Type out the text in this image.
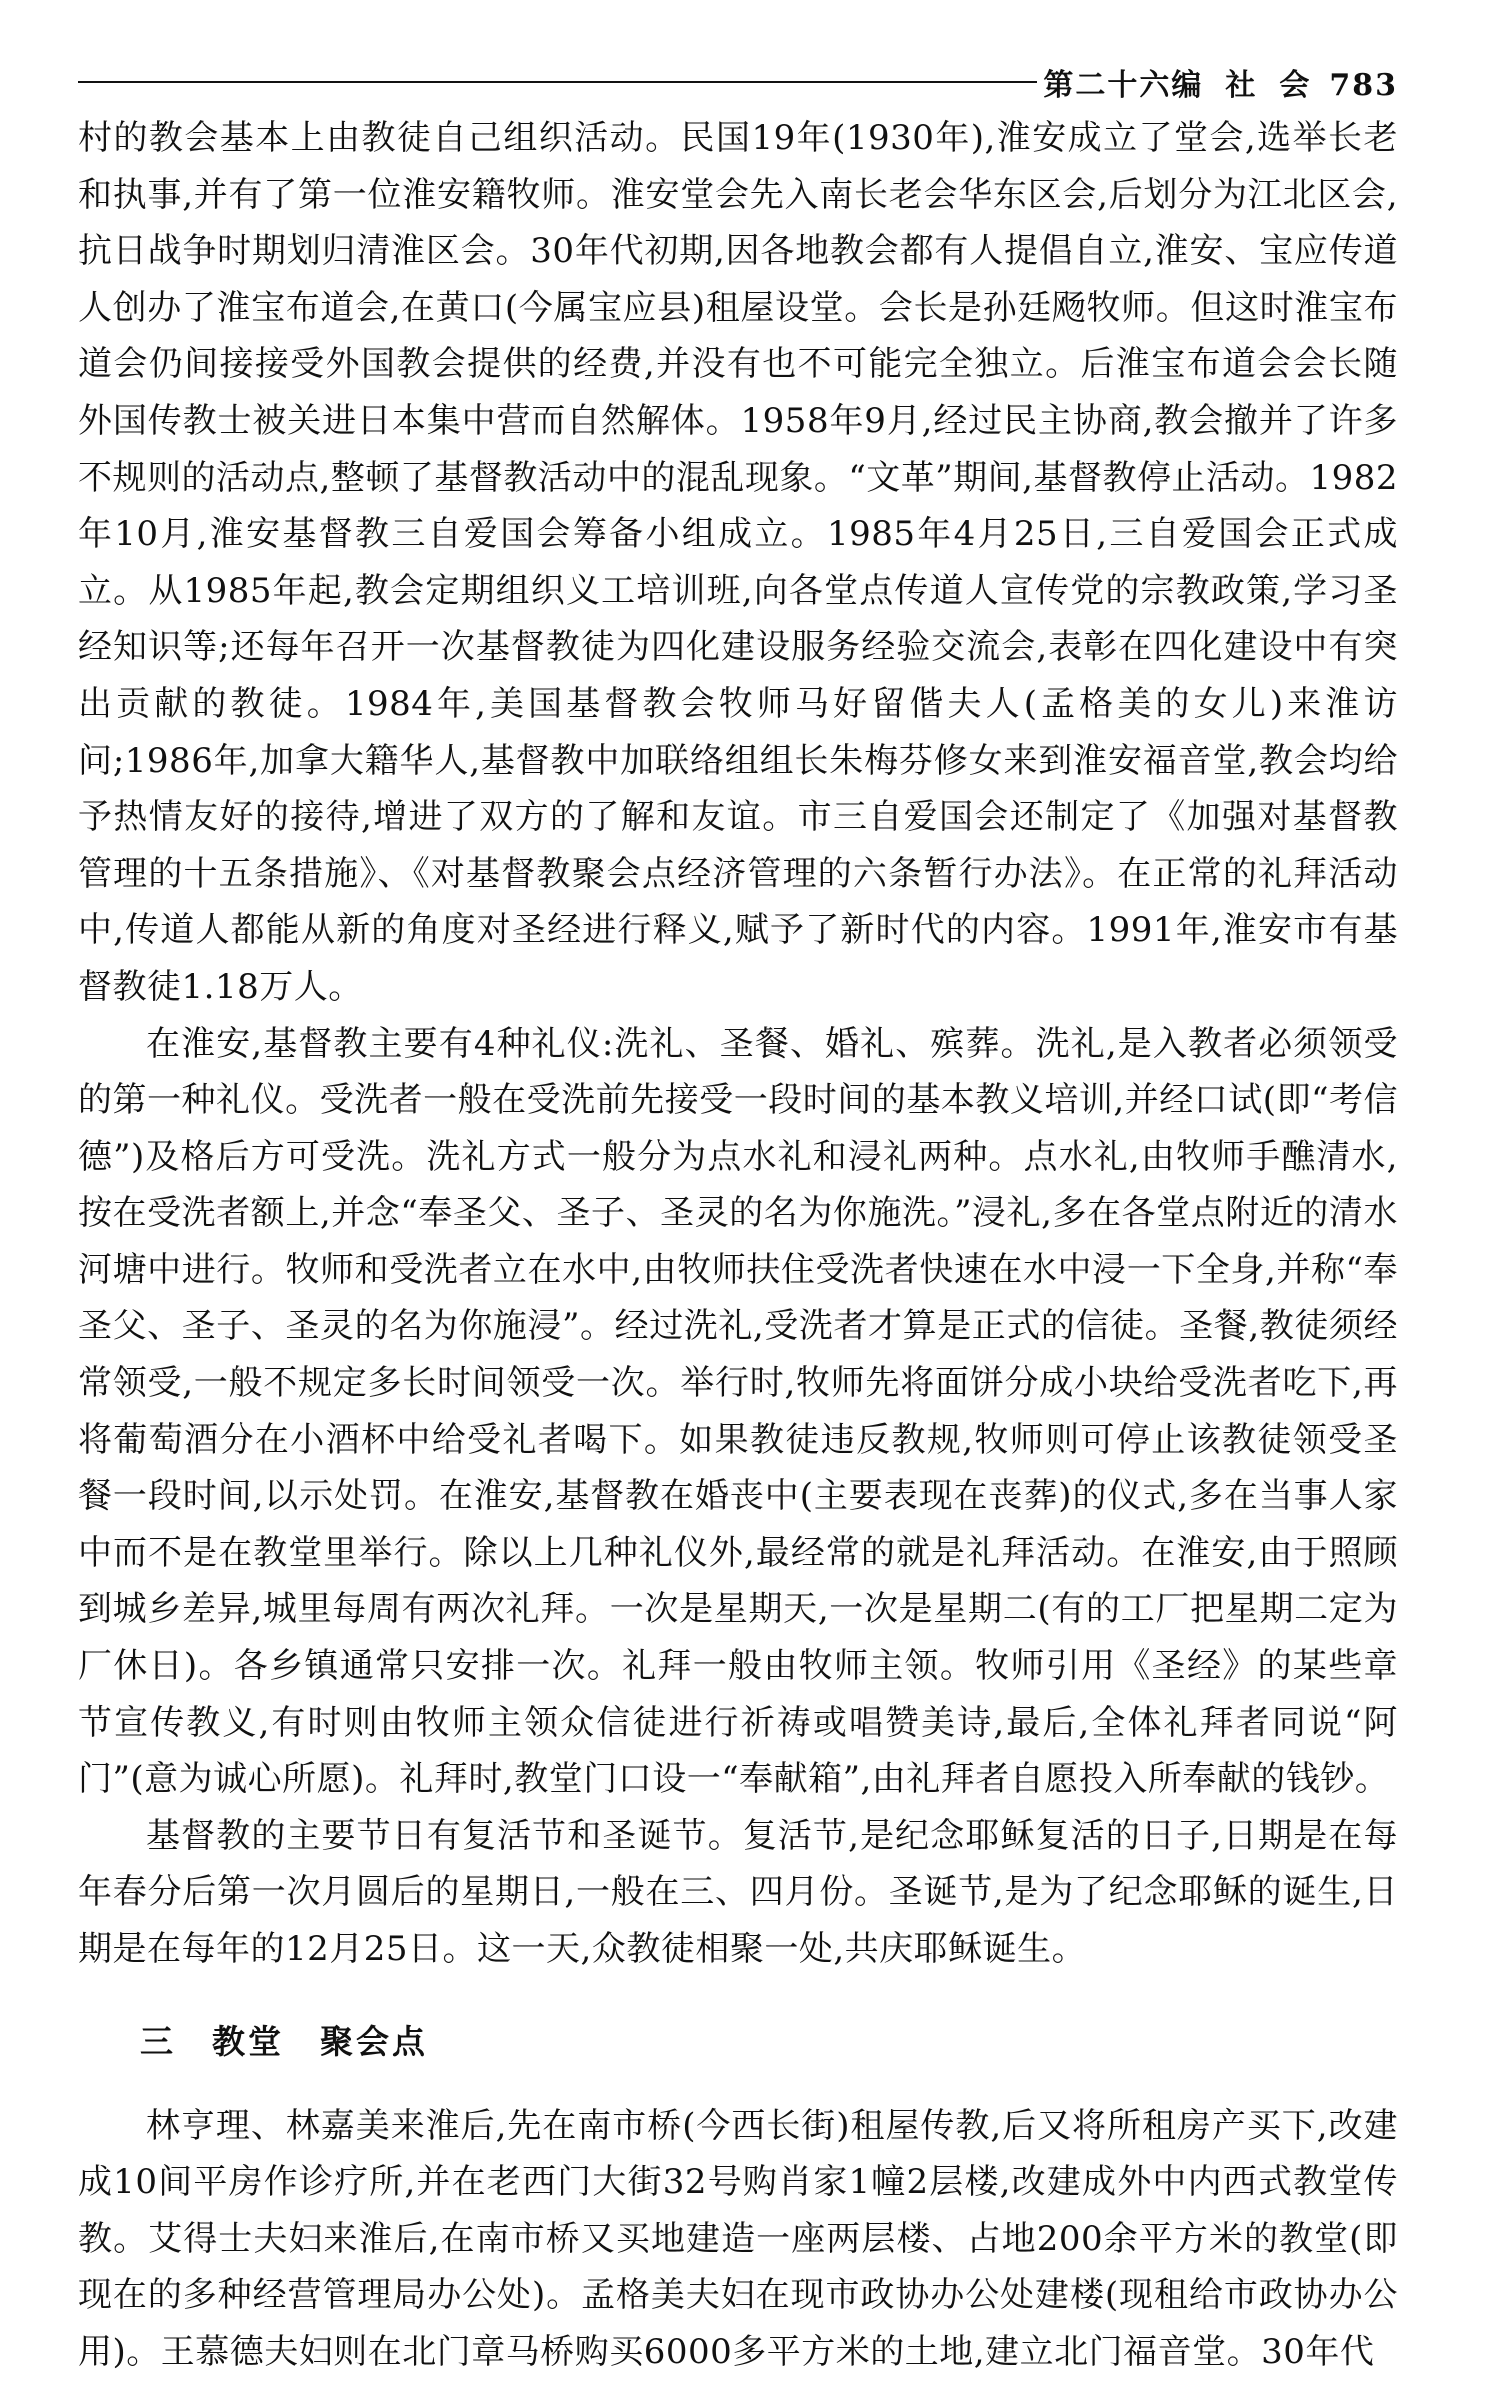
第二十六编 社 会 783

村的教会基本上由教徒自己组织活动。民国19年(1930年),淮安成立了堂会,选举长老和执事,并有了第一位淮安籍牧师。淮安堂会先入南长老会华东区会,后划分为江北区会,抗日战争时期划归清淮区会。30年代初期,因各地教会都有人提倡自立,淮安、宝应传道人创办了淮宝布道会,在黄口(今属宝应县)租屋设堂。会长是孙廷飏牧师。但这时淮宝布道会仍间接接受外国教会提供的经费,并没有也不可能完全独立。后淮宝布道会会长随外国传教士被关进日本集中营而自然解体。1958年9月,经过民主协商,教会撤并了许多不规则的活动点,整顿了基督教活动中的混乱现象。“文革”期间,基督教停止活动。1982年10月,淮安基督教三自爱国会筹备小组成立。1985年4月25日,三自爱国会正式成立。从1985年起,教会定期组织义工培训班,向各堂点传道人宣传党的宗教政策,学习圣经知识等;还每年召开一次基督教徒为四化建设服务经验交流会,表彰在四化建设中有突出贡献的教徒。1984年,美国基督教会牧师马好留偕夫人(孟格美的女儿)来淮访问;1986年,加拿大籍华人,基督教中加联络组组长朱梅芬修女来到淮安福音堂,教会均给予热情友好的接待,增进了双方的了解和友谊。市三自爱国会还制定了《加强对基督教管理的十五条措施》、《对基督教聚会点经济管理的六条暂行办法》。在正常的礼拜活动中,传道人都能从新的角度对圣经进行释义,赋予了新时代的内容。1991年,淮安市有基督教徒1.18万人。

在淮安,基督教主要有4种礼仪:洗礼、圣餐、婚礼、殡葬。洗礼,是入教者必须领受的第一种礼仪。受洗者一般在受洗前先接受一段时间的基本教义培训,并经口试(即“考信德”)及格后方可受洗。洗礼方式一般分为点水礼和浸礼两种。点水礼,由牧师手醮清水,按在受洗者额上,并念“奉圣父、圣子、圣灵的名为你施洗。”浸礼,多在各堂点附近的清水河塘中进行。牧师和受洗者立在水中,由牧师扶住受洗者快速在水中浸一下全身,并称“奉圣父、圣子、圣灵的名为你施浸”。经过洗礼,受洗者才算是正式的信徒。圣餐,教徒须经常领受,一般不规定多长时间领受一次。举行时,牧师先将面饼分成小块给受洗者吃下,再将葡萄酒分在小酒杯中给受礼者喝下。如果教徒违反教规,牧师则可停止该教徒领受圣餐一段时间,以示处罚。在淮安,基督教在婚丧中(主要表现在丧葬)的仪式,多在当事人家中而不是在教堂里举行。除以上几种礼仪外,最经常的就是礼拜活动。在淮安,由于照顾到城乡差异,城里每周有两次礼拜。一次是星期天,一次是星期二(有的工厂把星期二定为厂休日)。各乡镇通常只安排一次。礼拜一般由牧师主领。牧师引用《圣经》的某些章节宣传教义,有时则由牧师主领众信徒进行祈祷或唱赞美诗,最后,全体礼拜者同说“阿门”(意为诚心所愿)。礼拜时,教堂门口设一“奉献箱”,由礼拜者自愿投入所奉献的钱钞。

基督教的主要节日有复活节和圣诞节。复活节,是纪念耶稣复活的日子,日期是在每年春分后第一次月圆后的星期日,一般在三、四月份。圣诞节,是为了纪念耶稣的诞生,日期是在每年的12月25日。这一天,众教徒相聚一处,共庆耶稣诞生。

三  教堂  聚会点

林亨理、林嘉美来淮后,先在南市桥(今西长街)租屋传教,后又将所租房产买下,改建成10间平房作诊疗所,并在老西门大街32号购肖家1幢2层楼,改建成外中内西式教堂传教。艾得士夫妇来淮后,在南市桥又买地建造一座两层楼、占地200余平方米的教堂(即现在的多种经营管理局办公处)。孟格美夫妇在现市政协办公处建楼(现租给市政协办公用)。王慕德夫妇则在北门章马桥购买6000多平方米的土地,建立北门福音堂。30年代
